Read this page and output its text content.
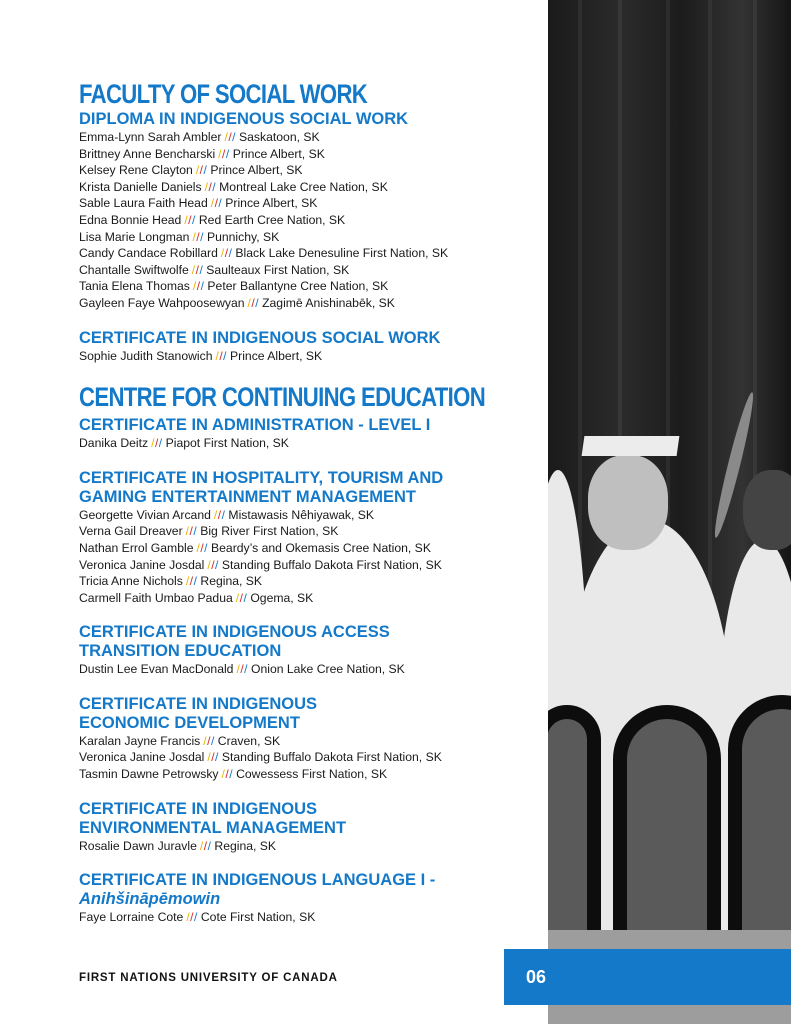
FACULTY OF SOCIAL WORK
DIPLOMA IN INDIGENOUS SOCIAL WORK
Emma-Lynn Sarah Ambler /// Saskatoon, SK
Brittney Anne Bencharski /// Prince Albert, SK
Kelsey Rene Clayton /// Prince Albert, SK
Krista Danielle Daniels /// Montreal Lake Cree Nation, SK
Sable Laura Faith Head /// Prince Albert, SK
Edna Bonnie Head /// Red Earth Cree Nation, SK
Lisa Marie Longman /// Punnichy, SK
Candy Candace Robillard /// Black Lake Denesuline First Nation, SK
Chantalle Swiftwolfe /// Saulteaux First Nation, SK
Tania Elena Thomas /// Peter Ballantyne Cree Nation, SK
Gayleen Faye Wahpoosewyan /// Zagimē Anishinabēk, SK
CERTIFICATE IN INDIGENOUS SOCIAL WORK
Sophie Judith Stanowich /// Prince Albert, SK
CENTRE FOR CONTINUING EDUCATION
CERTIFICATE IN ADMINISTRATION - LEVEL I
Danika Deitz /// Piapot First Nation, SK
CERTIFICATE IN HOSPITALITY, TOURISM AND
GAMING ENTERTAINMENT MANAGEMENT
Georgette Vivian Arcand /// Mistawasis Nêhiyawak, SK
Verna Gail Dreaver /// Big River First Nation, SK
Nathan Errol Gamble /// Beardy’s and Okemasis Cree Nation, SK
Veronica Janine Josdal /// Standing Buffalo Dakota First Nation, SK
Tricia Anne Nichols /// Regina, SK
Carmell Faith Umbao Padua /// Ogema, SK
CERTIFICATE IN INDIGENOUS ACCESS
TRANSITION EDUCATION
Dustin Lee Evan MacDonald /// Onion Lake Cree Nation, SK
CERTIFICATE IN INDIGENOUS
ECONOMIC DEVELOPMENT
Karalan Jayne Francis /// Craven, SK
Veronica Janine Josdal /// Standing Buffalo Dakota First Nation, SK
Tasmin Dawne Petrowsky /// Cowessess First Nation, SK
CERTIFICATE IN INDIGENOUS
ENVIRONMENTAL MANAGEMENT
Rosalie Dawn Juravle /// Regina, SK
CERTIFICATE IN INDIGENOUS LANGUAGE I -
Anihšināpēmowin
Faye Lorraine Cote /// Cote First Nation, SK
FIRST NATIONS UNIVERSITY OF CANADA	06
